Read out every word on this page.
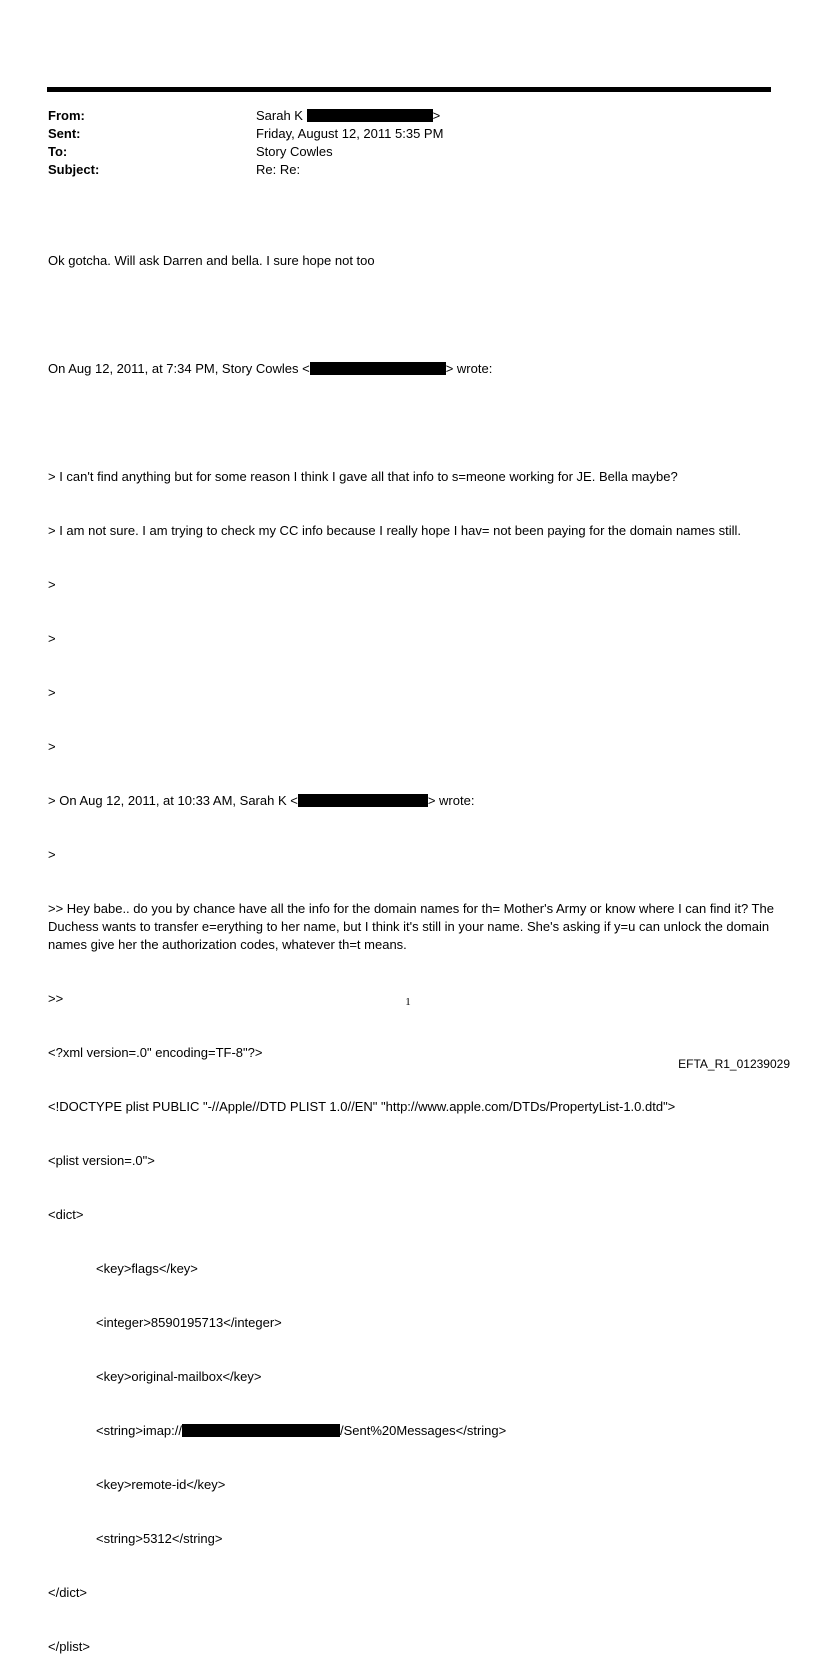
From:	Sarah K	>
Sent:	Friday, August 12, 2011 5:35 PM
To:	Story Cowles
Subject:	Re: Re:

Ok gotcha. Will ask Darren and bella. I sure hope not too

On Aug 12, 2011, at 7:34 PM, Story Cowles <	> wrote:

> I can't find anything but for some reason I think I gave all that info to s=meone working for JE. Bella maybe?

> I am not sure. I am trying to check my CC info because I really hope I hav= not been paying for the domain names still.

>

>

>

>

> On Aug 12, 2011, at 10:33 AM, Sarah K <	> wrote:

>

>> Hey babe.. do you by chance have all the info for the domain names for th= Mother's Army or know where I can find it? The Duchess wants to transfer e=erything to her name, but I think it's still in your name. She's asking if y=u can unlock the domain names give her the authorization codes, whatever th=t means.

>>

<?xml version=.0" encoding=TF-8"?>

<!DOCTYPE plist PUBLIC "-//Apple//DTD PLIST 1.0//EN" "http://www.apple.com/DTDs/PropertyList-1.0.dtd">

<plist version=.0">

<dict>

<key>flags</key>

<integer>8590195713</integer>

<key>original-mailbox</key>

<string>imap://	/Sent%20Messages</string>

<key>remote-id</key>

<string>5312</string>

</dict>

</plist>

1
EFTA_R1_01239029
